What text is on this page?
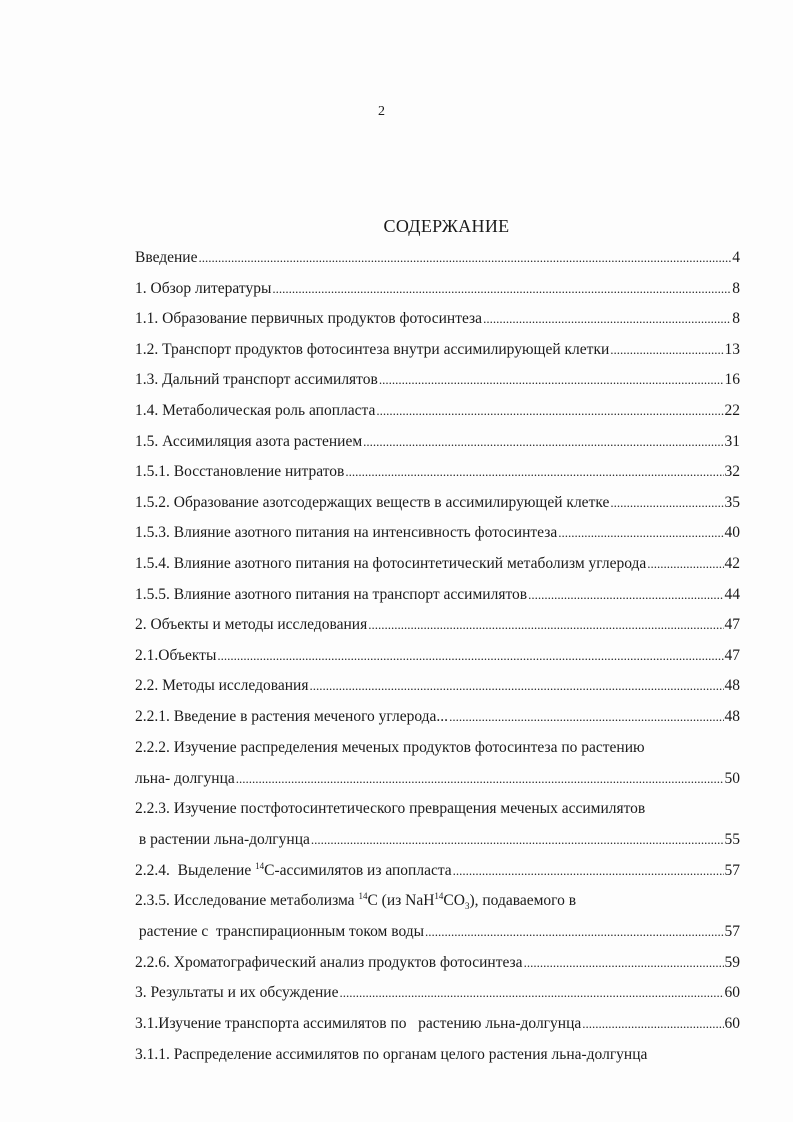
2
СОДЕРЖАНИЕ
Введение .....	4
1. Обзор литературы .....	8
1.1. Образование первичных продуктов фотосинтеза .....	8
1.2. Транспорт продуктов фотосинтеза внутри ассимилирующей клетки .....	13
1.3. Дальний транспорт ассимилятов .....	16
1.4. Метаболическая роль апопласта .....	22
1.5. Ассимиляция азота растением .....	31
1.5.1. Восстановление нитратов .....	32
1.5.2. Образование азотсодержащих веществ в ассимилирующей клетке .....	35
1.5.3. Влияние азотного питания на интенсивность фотосинтеза .....	40
1.5.4. Влияние азотного питания на фотосинтетический метаболизм углерода .....	42
1.5.5. Влияние азотного питания на транспорт ассимилятов .....	44
2. Объекты и методы исследования .....	47
2.1.Объекты .....	47
2.2. Методы исследования .....	48
2.2.1. Введение в растения меченого углерода... .....	48
2.2.2. Изучение распределения меченых продуктов фотосинтеза по растению
льна- долгунца .....	50
2.2.3. Изучение постфотосинтетического превращения меченых ассимилятов
в растении льна-долгунца .....	55
2.2.4.  Выделение $^{14}$С-ассимилятов из апопласта .....	57
2.3.5. Исследование метаболизма $^{14}$С (из $NaH^{14}CO_3$), подаваемого в
растение с  транспирационным током воды .....	57
2.2.6. Хроматографический анализ продуктов фотосинтеза .....	59
3. Результаты и их обсуждение .....	60
3.1.Изучение транспорта ассимилятов по   растению льна-долгунца .....	60
3.1.1. Распределение ассимилятов по органам целого растения льна-долгунца
